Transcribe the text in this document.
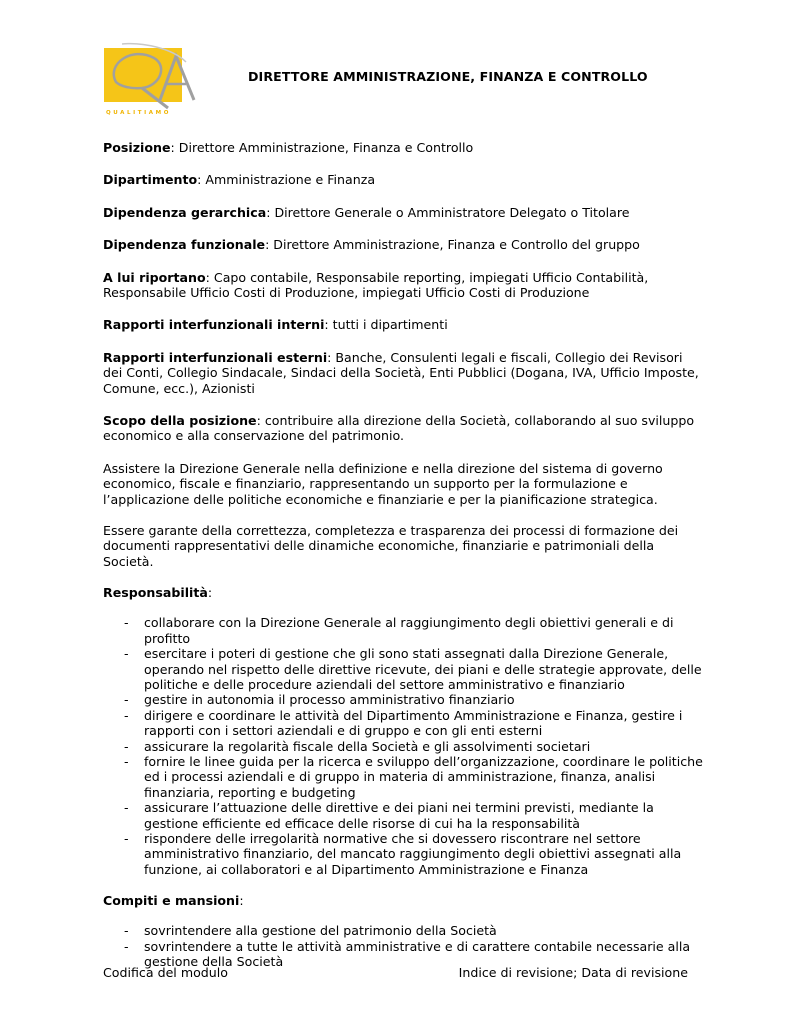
QUALITIAMO
DIRETTORE AMMINISTRAZIONE, FINANZA E CONTROLLO
Posizione: Direttore Amministrazione, Finanza e Controllo
Dipartimento: Amministrazione e Finanza
Dipendenza gerarchica: Direttore Generale o Amministratore Delegato o Titolare
Dipendenza funzionale: Direttore Amministrazione, Finanza e Controllo del gruppo
A lui riportano: Capo contabile, Responsabile reporting, impiegati Ufficio Contabilità, Responsabile Ufficio Costi di Produzione, impiegati Ufficio Costi di Produzione
Rapporti interfunzionali interni: tutti i dipartimenti
Rapporti interfunzionali esterni: Banche, Consulenti legali e fiscali, Collegio dei Revisori dei Conti, Collegio Sindacale, Sindaci della Società, Enti Pubblici (Dogana, IVA, Ufficio Imposte, Comune, ecc.), Azionisti
Scopo della posizione: contribuire alla direzione della Società, collaborando al suo sviluppo economico e alla conservazione del patrimonio.

Assistere la Direzione Generale nella definizione e nella direzione del sistema di governo economico, fiscale e finanziario, rappresentando un supporto per la formulazione e l’applicazione delle politiche economiche e finanziarie e per la pianificazione strategica.

Essere garante della correttezza, completezza e trasparenza dei processi di formazione dei documenti rappresentativi delle dinamiche economiche, finanziarie e patrimoniali della Società.

Responsabilità:
- collaborare con la Direzione Generale al raggiungimento degli obiettivi generali e di profitto
- esercitare i poteri di gestione che gli sono stati assegnati dalla Direzione Generale, operando nel rispetto delle direttive ricevute, dei piani e delle strategie approvate, delle politiche e delle procedure aziendali del settore amministrativo e finanziario
- gestire in autonomia il processo amministrativo finanziario
- dirigere e coordinare le attività del Dipartimento Amministrazione e Finanza, gestire i rapporti con i settori aziendali e di gruppo e con gli enti esterni
- assicurare la regolarità fiscale della Società e gli assolvimenti societari
- fornire le linee guida per la ricerca e sviluppo dell’organizzazione, coordinare le politiche ed i processi aziendali e di gruppo in materia di amministrazione, finanza, analisi finanziaria, reporting e budgeting
- assicurare l’attuazione delle direttive e dei piani nei termini previsti, mediante la gestione efficiente ed efficace delle risorse di cui ha la responsabilità
- rispondere delle irregolarità normative che si dovessero riscontrare nel settore amministrativo finanziario, del mancato raggiungimento degli obiettivi assegnati alla funzione, ai collaboratori e al Dipartimento Amministrazione e Finanza
Compiti e mansioni:
- sovrintendere alla gestione del patrimonio della Società
- sovrintendere a tutte le attività amministrative e di carattere contabile necessarie alla gestione della Società
Codifica del modulo	Indice di revisione; Data di revisione
